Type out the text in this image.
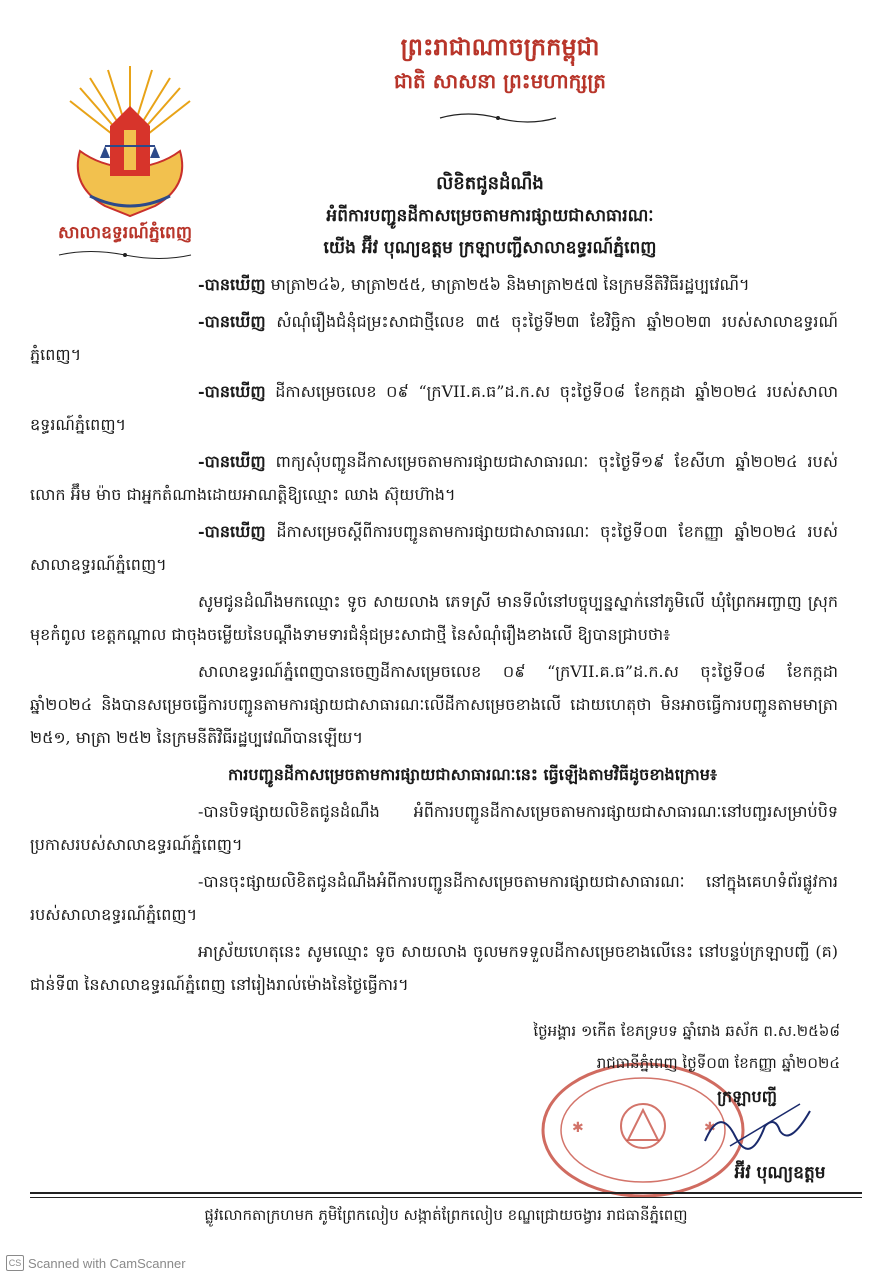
ព្រះរាជាណាចក្រកម្ពុជា
ជាតិ សាសនា ព្រះមហាក្សត្រ
សាលាឧទ្ធរណ៍ភ្នំពេញ
លិខិតជូនដំណឹង
អំពីការបញ្ជូនដីកាសម្រេចតាមការផ្សាយជាសាធារណៈ
យើង អ៊ីវ បុណ្យឧត្តម ក្រឡាបញ្ជីសាលាឧទ្ធរណ៍ភ្នំពេញ

-បានឃើញ មាត្រា២៤៦, មាត្រា២៥៥, មាត្រា២៥៦ និងមាត្រា២៥៧ នៃក្រមនីតិវិធីរដ្ឋប្បវេណី។

-បានឃើញ សំណុំរឿងជំនុំជម្រះសាជាថ្មីលេខ ៣៥ ចុះថ្ងៃទី២៣ ខែវិច្ឆិកា ឆ្នាំ២០២៣ របស់សាលាឧទ្ធរណ៍ភ្នំពេញ។

-បានឃើញ ដីកាសម្រេចលេខ ០៩ “ក្រVII.គ.ធ”ដ.ក.ស ចុះថ្ងៃទី០៨ ខែកក្កដា ឆ្នាំ២០២៤ របស់សាលាឧទ្ធរណ៍ភ្នំពេញ។

-បានឃើញ ពាក្យសុំបញ្ជូនដីកាសម្រេចតាមការផ្សាយជាសាធារណៈ ចុះថ្ងៃទី១៩ ខែសីហា ឆ្នាំ២០២៤ របស់លោក អ៊ឹម ម៉ាច ជាអ្នកតំណាងដោយអាណត្តិឱ្យឈ្មោះ ឈាង ស៊ុយហ៊ាង។

-បានឃើញ ដីកាសម្រេចស្តីពីការបញ្ជូនតាមការផ្សាយជាសាធារណៈ ចុះថ្ងៃទី០៣ ខែកញ្ញា ឆ្នាំ២០២៤ របស់សាលាឧទ្ធរណ៍ភ្នំពេញ។

សូមជូនដំណឹងមកឈ្មោះ ទូច សាយលាង ភេទស្រី មានទីលំនៅបច្ចុប្បន្នស្នាក់នៅភូមិលើ ឃុំព្រែកអញ្ចាញ ស្រុកមុខកំពូល ខេត្តកណ្តាល ជាចុងចម្លើយនៃបណ្តឹងទាមទារជំនុំជម្រះសាជាថ្មី នៃសំណុំរឿងខាងលើ ឱ្យបានជ្រាបថា៖

សាលាឧទ្ធរណ៍ភ្នំពេញបានចេញដីកាសម្រេចលេខ ០៩ “ក្រVII.គ.ធ”ដ.ក.ស ចុះថ្ងៃទី០៨ ខែកក្កដា ឆ្នាំ២០២៤ និងបានសម្រេចធ្វើការបញ្ជូនតាមការផ្សាយជាសាធារណៈលើដីកាសម្រេចខាងលើ ដោយហេតុថា មិនអាចធ្វើការបញ្ជូនតាមមាត្រា ២៥១, មាត្រា ២៥២ នៃក្រមនីតិវិធីរដ្ឋប្បវេណីបានឡើយ។

ការបញ្ជូនដីកាសម្រេចតាមការផ្សាយជាសាធារណៈនេះ ធ្វើឡើងតាមវិធីដូចខាងក្រោម៖

-បានបិទផ្សាយលិខិតជូនដំណឹង អំពីការបញ្ជូនដីកាសម្រេចតាមការផ្សាយជាសាធារណៈនៅបញ្ជរសម្រាប់បិទប្រកាសរបស់សាលាឧទ្ធរណ៍ភ្នំពេញ។

-បានចុះផ្សាយលិខិតជូនដំណឹងអំពីការបញ្ជូនដីកាសម្រេចតាមការផ្សាយជាសាធារណៈ នៅក្នុងគេហទំព័រផ្លូវការរបស់សាលាឧទ្ធរណ៍ភ្នំពេញ។

អាស្រ័យហេតុនេះ សូមឈ្មោះ ទូច សាយលាង ចូលមកទទួលដីកាសម្រេចខាងលើនេះ នៅបន្ទប់ក្រឡាបញ្ជី (គ) ជាន់ទី៣ នៃសាលាឧទ្ធរណ៍ភ្នំពេញ នៅរៀងរាល់ម៉ោងនៃថ្ងៃធ្វើការ។

✱	✱
ថ្ងៃអង្គារ ១កើត ខែភទ្របទ ឆ្នាំរោង ឆស័ក ព.ស.២៥៦៨
រាជធានីភ្នំពេញ ថ្ងៃទី០៣ ខែកញ្ញា ឆ្នាំ២០២៤
ក្រឡាបញ្ជី
អ៊ីវ បុណ្យឧត្តម
ផ្លូវលោកតាក្រហមក ភូមិព្រែកលៀប សង្កាត់ព្រែកលៀប ខណ្ឌជ្រោយចង្វារ រាជធានីភ្នំពេញ
CS Scanned with CamScanner
